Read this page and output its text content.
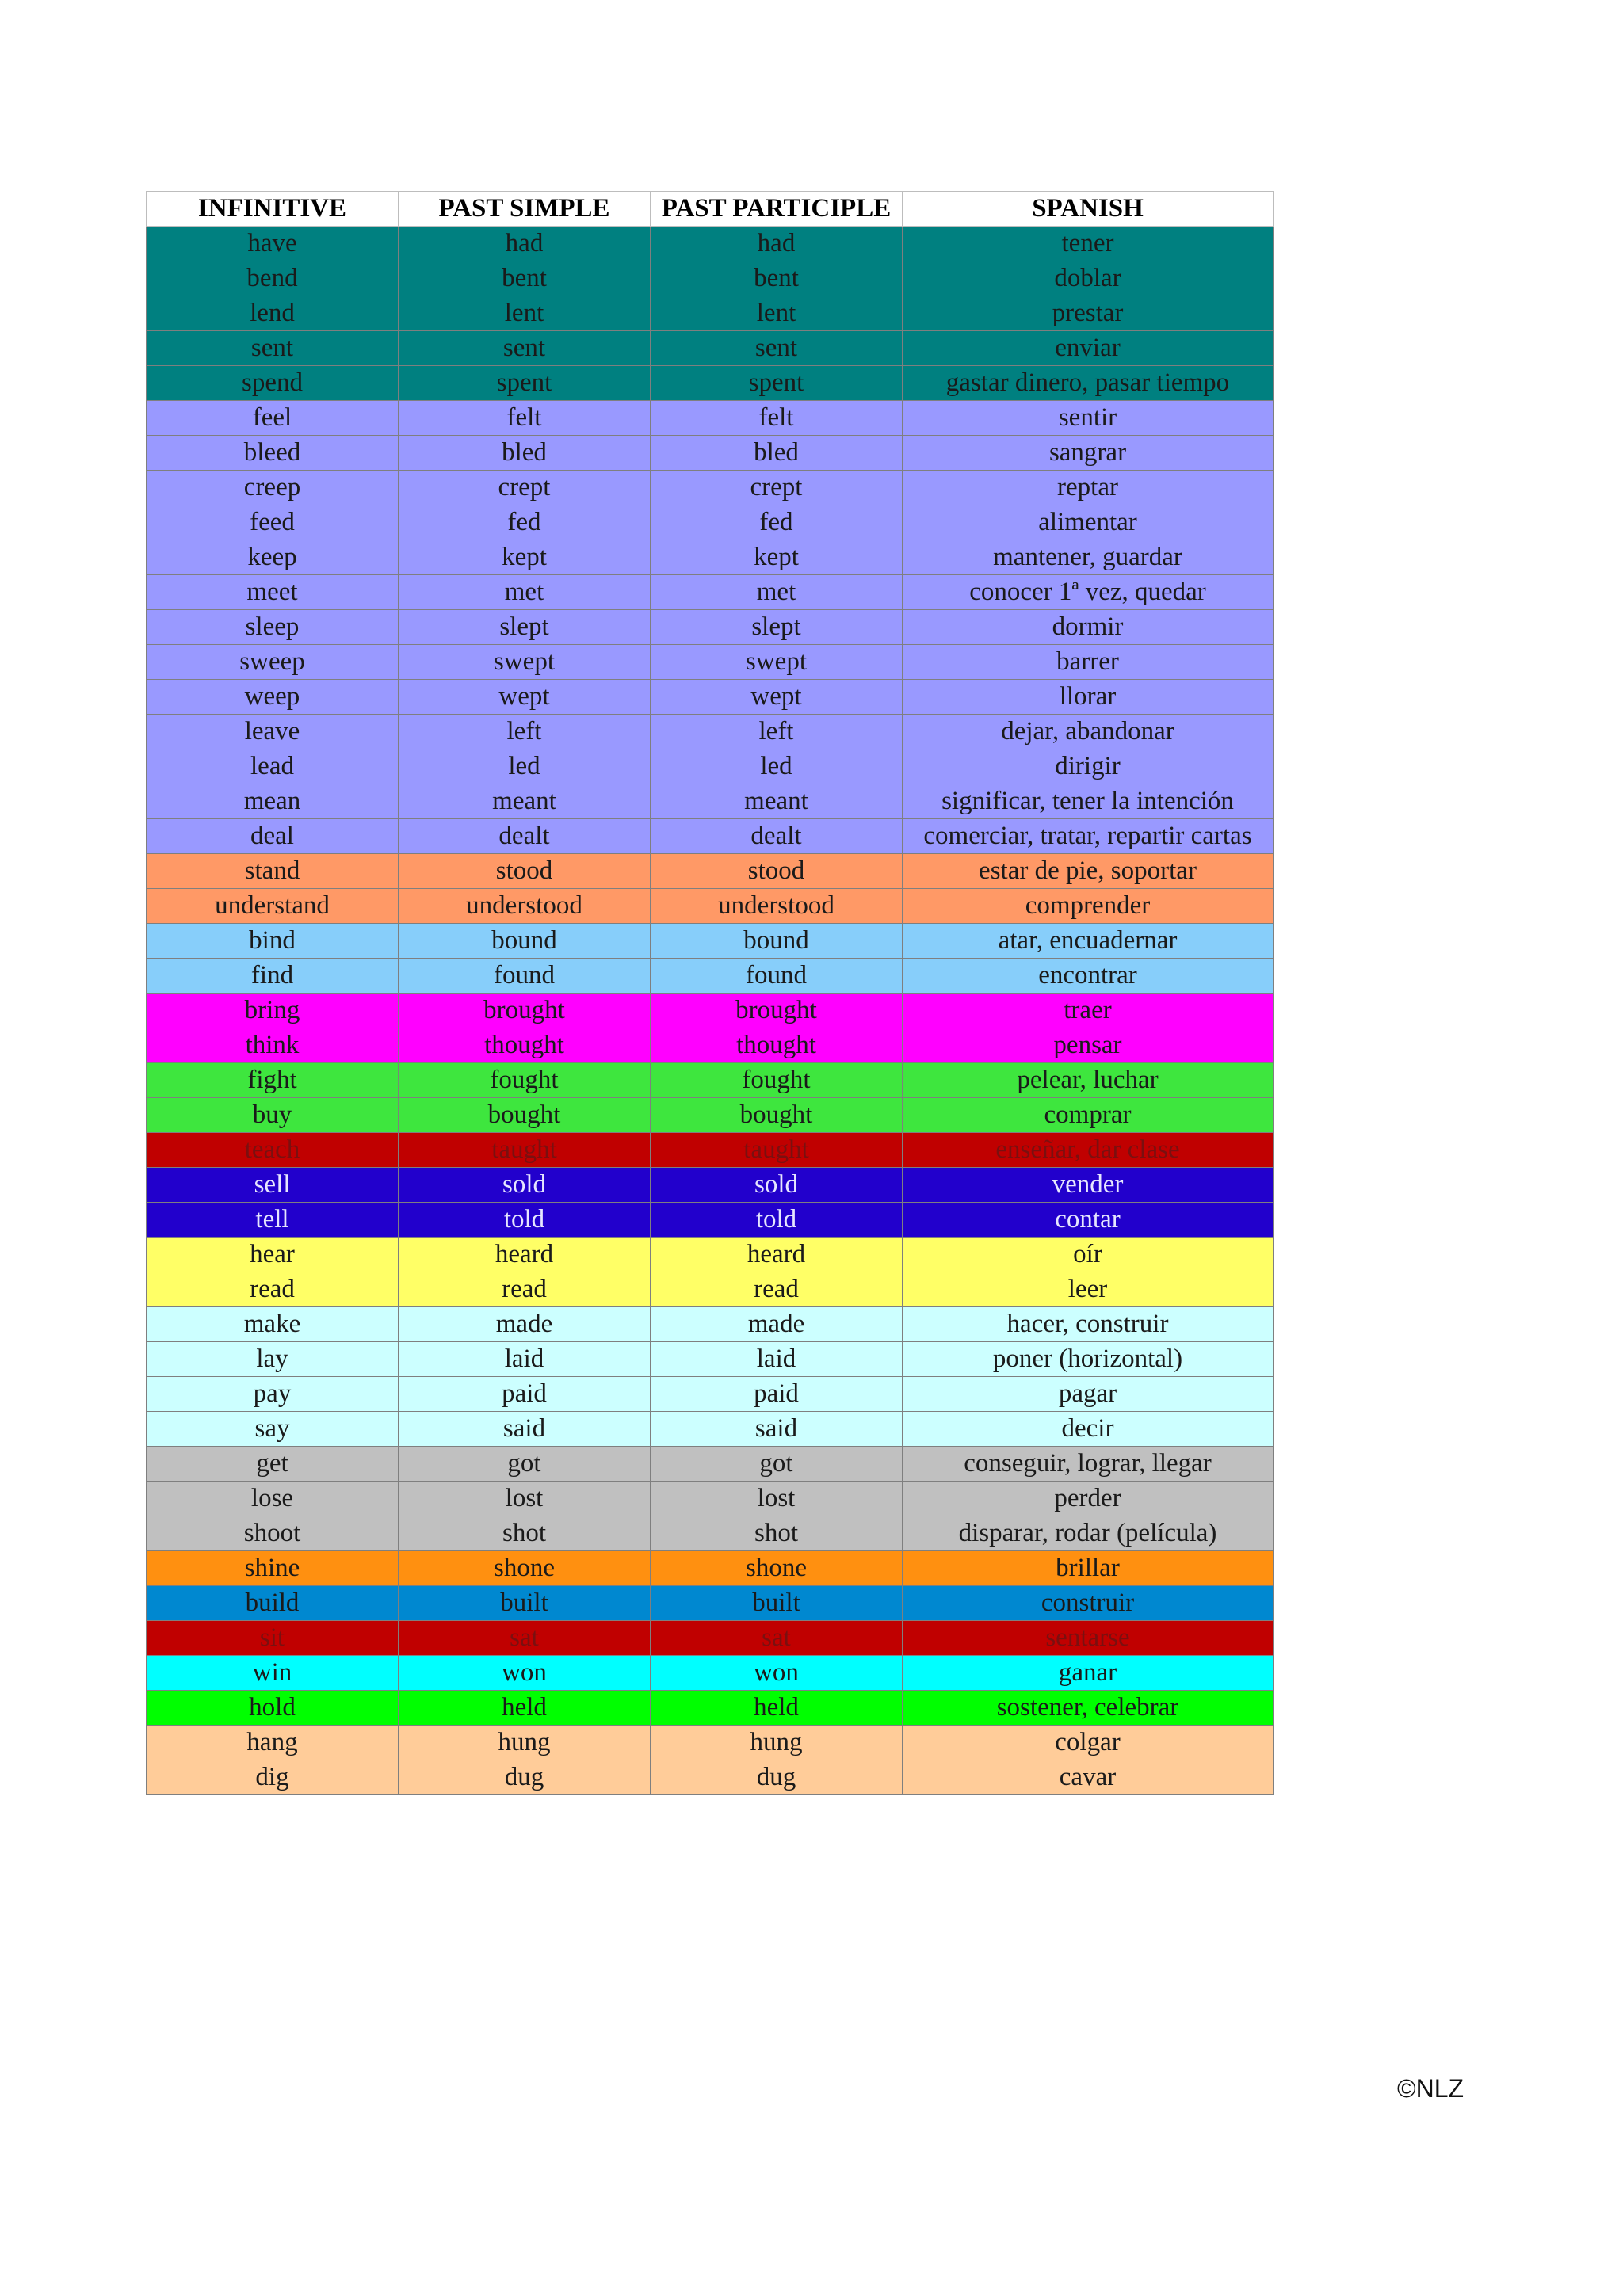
INFINITIVE	PAST SIMPLE	PAST PARTICIPLE	SPANISH
have	had	had	tener
bend	bent	bent	doblar
lend	lent	lent	prestar
sent	sent	sent	enviar
spend	spent	spent	gastar dinero, pasar tiempo
feel	felt	felt	sentir
bleed	bled	bled	sangrar
creep	crept	crept	reptar
feed	fed	fed	alimentar
keep	kept	kept	mantener, guardar
meet	met	met	conocer 1ª vez, quedar
sleep	slept	slept	dormir
sweep	swept	swept	barrer
weep	wept	wept	llorar
leave	left	left	dejar, abandonar
lead	led	led	dirigir
mean	meant	meant	significar, tener la intención
deal	dealt	dealt	comerciar, tratar, repartir cartas
stand	stood	stood	estar de pie, soportar
understand	understood	understood	comprender
bind	bound	bound	atar, encuadernar
find	found	found	encontrar
bring	brought	brought	traer
think	thought	thought	pensar
fight	fought	fought	pelear, luchar
buy	bought	bought	comprar
teach	taught	taught	enseñar, dar clase
sell	sold	sold	vender
tell	told	told	contar
hear	heard	heard	oír
read	read	read	leer
make	made	made	hacer, construir
lay	laid	laid	poner (horizontal)
pay	paid	paid	pagar
say	said	said	decir
get	got	got	conseguir, lograr, llegar
lose	lost	lost	perder
shoot	shot	shot	disparar, rodar (película)
shine	shone	shone	brillar
build	built	built	construir
sit	sat	sat	sentarse
win	won	won	ganar
hold	held	held	sostener, celebrar
hang	hung	hung	colgar
dig	dug	dug	cavar
©NLZ
